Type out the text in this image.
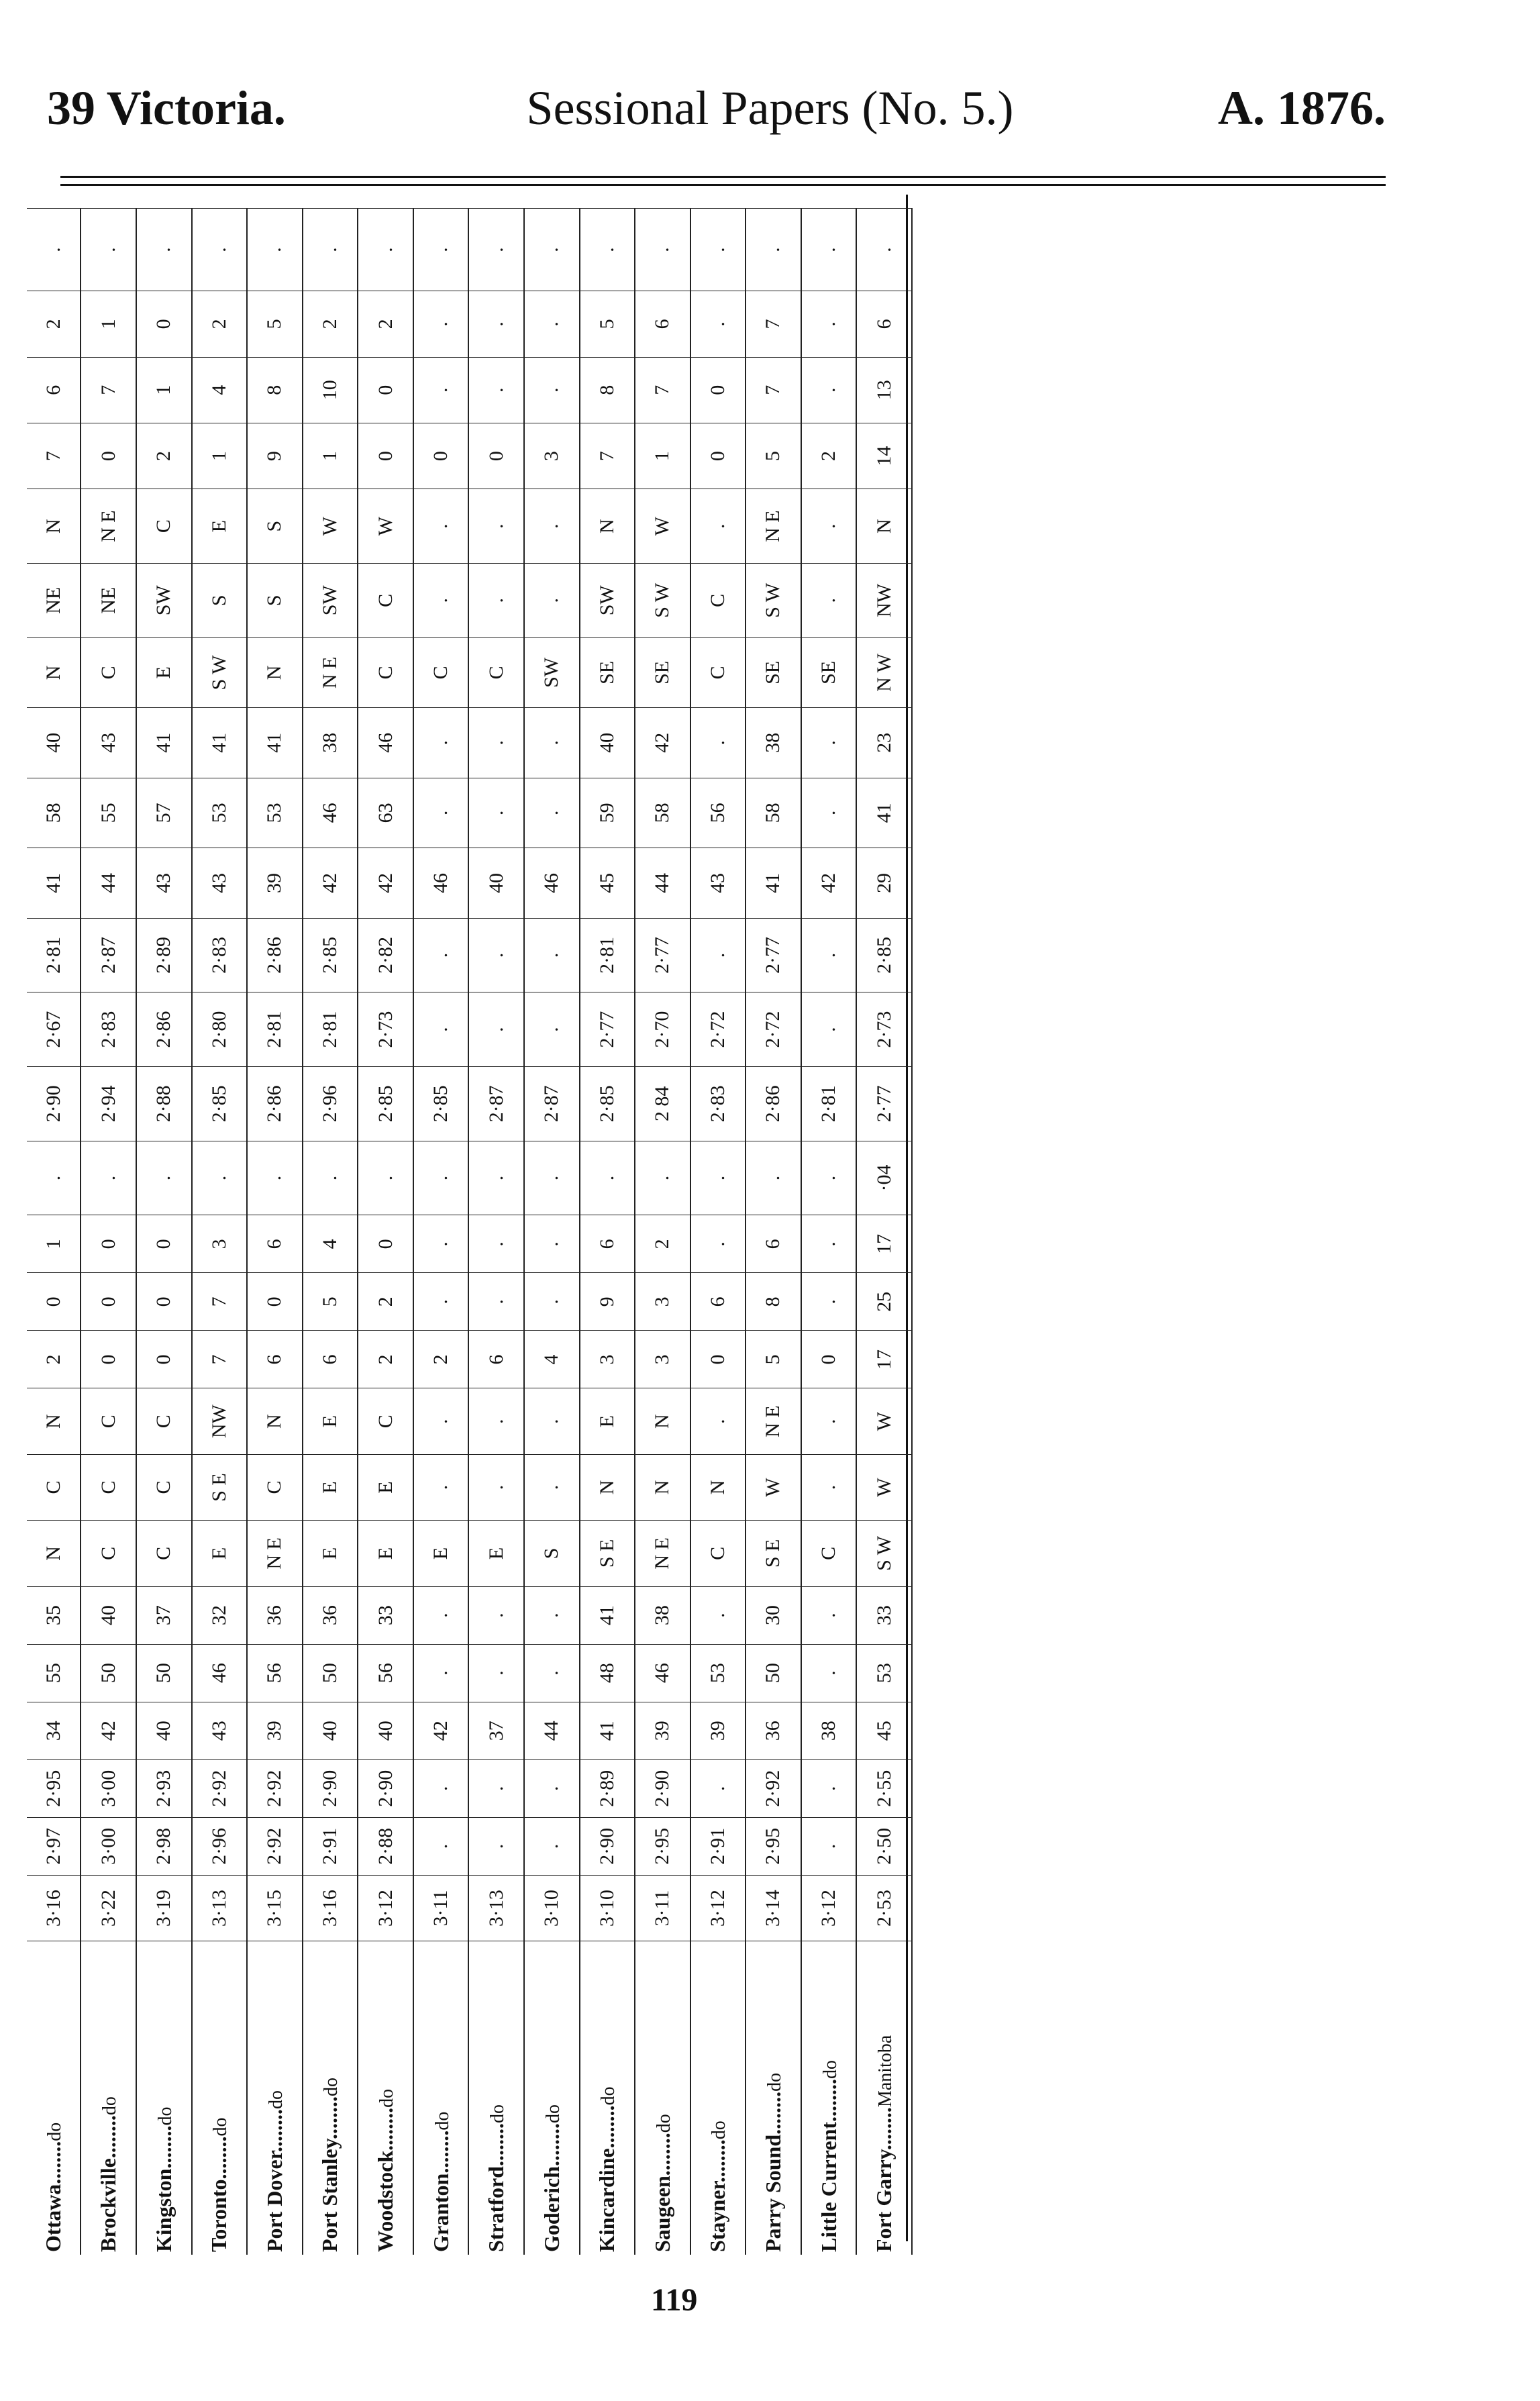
39 Victoria.	Sessional Papers (No. 5.)	A. 1876.
Ottawa........do	3·16	2·97	2·95	34	55	35	N	C	N	2	0	1	.	2·90	2·67	2·81	41	58	40	N	NE	N	7	6	2	.
Brockville........do	3·22	3·00	3·00	42	50	40	C	C	C	0	0	0	.	2·94	2·83	2·87	44	55	43	C	NE	N E	0	7	1	.
Kingston........do	3·19	2·98	2·93	40	50	37	C	C	C	0	0	0	.	2·88	2·86	2·89	43	57	41	E	SW	C	2	1	0	.
Toronto........do	3·13	2·96	2·92	43	46	32	E	S E	NW	7	7	3	.	2·85	2·80	2·83	43	53	41	S W	S	E	1	4	2	.
Port Dover........do	3·15	2·92	2·92	39	56	36	N E	C	N	6	0	6	.	2·86	2·81	2·86	39	53	41	N	S	S	9	8	5	.
Port Stanley........do	3·16	2·91	2·90	40	50	36	E	E	E	6	5	4	.	2·96	2·81	2·85	42	46	38	N E	SW	W	1	10	2	.
Woodstock........do	3·12	2·88	2·90	40	56	33	E	E	C	2	2	0	.	2·85	2·73	2·82	42	63	46	C	C	W	0	0	2	.
Granton........do	3·11	.	.	42	.	.	E	.	.	2	.	.	.	2·85	.	.	46	.	.	C	.	.	0	.	.	.
Stratford........do	3·13	.	.	37	.	.	E	.	.	6	.	.	.	2·87	.	.	40	.	.	C	.	.	0	.	.	.
Goderich........do	3·10	.	.	44	.	.	S	.	.	4	.	.	.	2·87	.	.	46	.	.	SW	.	.	3	.	.	.
Kincardine........do	3·10	2·90	2·89	41	48	41	S E	N	E	3	9	6	.	2·85	2·77	2·81	45	59	40	SE	SW	N	7	8	5	.
Saugeen........do	3·11	2·95	2·90	39	46	38	N E	N	N	3	3	2	.	2 84	2·70	2·77	44	58	42	SE	S W	W	1	7	6	.
Stayner........do	3·12	2·91	.	39	53	.	C	N	.	0	6	.	.	2·83	2·72	.	43	56	.	C	C	.	0	0	.	.
Parry Sound........do	3·14	2·95	2·92	36	50	30	S E	W	N E	5	8	6	.	2·86	2·72	2·77	41	58	38	SE	S W	N E	5	7	7	.
Little Current........do	3·12	.	.	38	.	.	C	.	.	0	.	.	.	2·81	.	.	42	.	.	SE	.	.	2	.	.	.
Fort Garry........Manitoba	2·53	2·50	2·55	45	53	33	S W	W	W	17	25	17	·04	2·77	2·73	2·85	29	41	23	N W	NW	N	14	13	6	.
119
